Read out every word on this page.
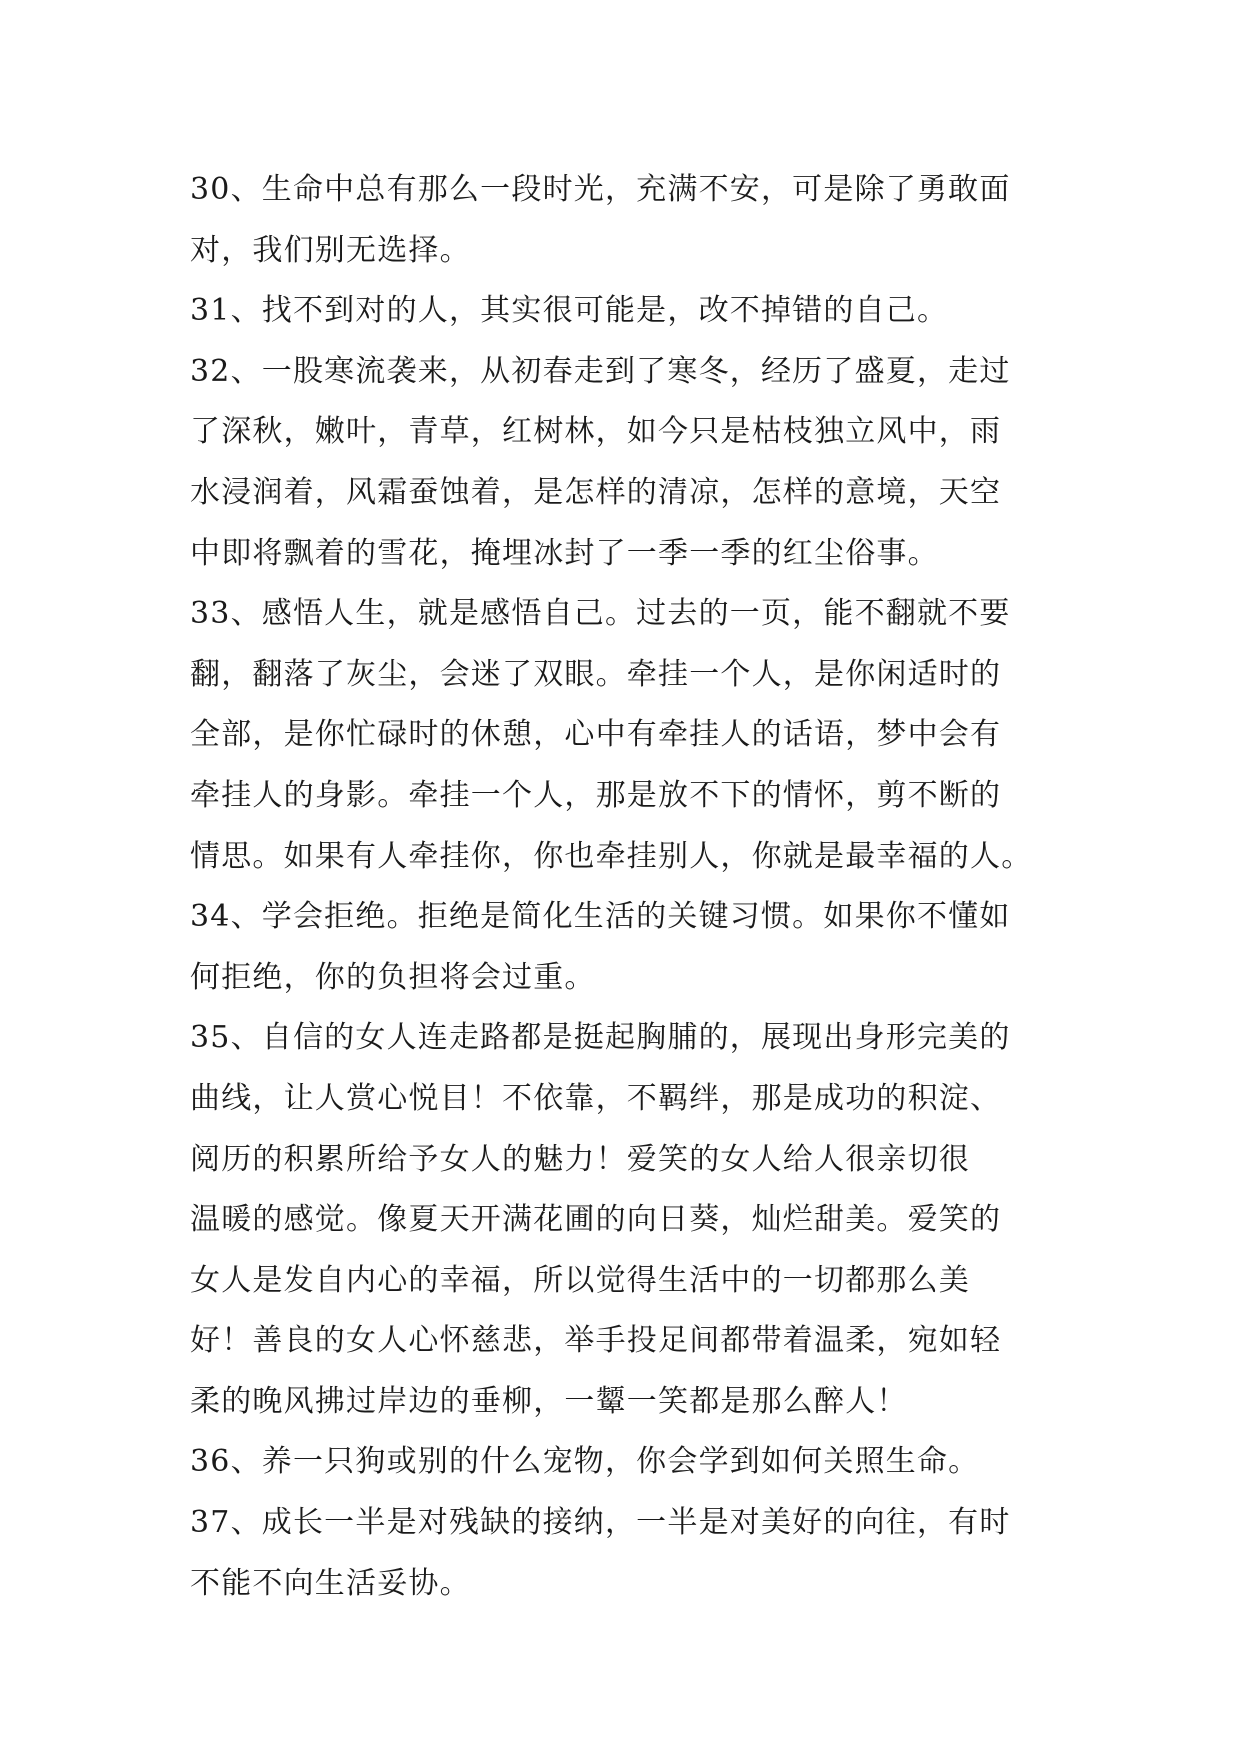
30、生命中总有那么一段时光，充满不安，可是除了勇敢面
对，我们别无选择。
31、找不到对的人，其实很可能是，改不掉错的自己。
32、一股寒流袭来，从初春走到了寒冬，经历了盛夏，走过
了深秋，嫩叶，青草，红树林，如今只是枯枝独立风中，雨
水浸润着，风霜蚕蚀着，是怎样的清凉，怎样的意境，天空
中即将飘着的雪花，掩埋冰封了一季一季的红尘俗事。
33、感悟人生，就是感悟自己。过去的一页，能不翻就不要
翻，翻落了灰尘，会迷了双眼。牵挂一个人，是你闲适时的
全部，是你忙碌时的休憩，心中有牵挂人的话语，梦中会有
牵挂人的身影。牵挂一个人，那是放不下的情怀，剪不断的
情思。如果有人牵挂你，你也牵挂别人，你就是最幸福的人。
34、学会拒绝。拒绝是简化生活的关键习惯。如果你不懂如
何拒绝，你的负担将会过重。
35、自信的女人连走路都是挺起胸脯的，展现出身形完美的
曲线，让人赏心悦目！不依靠，不羁绊，那是成功的积淀、
阅历的积累所给予女人的魅力！爱笑的女人给人很亲切很
温暖的感觉。像夏天开满花圃的向日葵，灿烂甜美。爱笑的
女人是发自内心的幸福，所以觉得生活中的一切都那么美
好！善良的女人心怀慈悲，举手投足间都带着温柔，宛如轻
柔的晚风拂过岸边的垂柳，一颦一笑都是那么醉人！
36、养一只狗或别的什么宠物，你会学到如何关照生命。
37、成长一半是对残缺的接纳，一半是对美好的向往，有时
不能不向生活妥协。
